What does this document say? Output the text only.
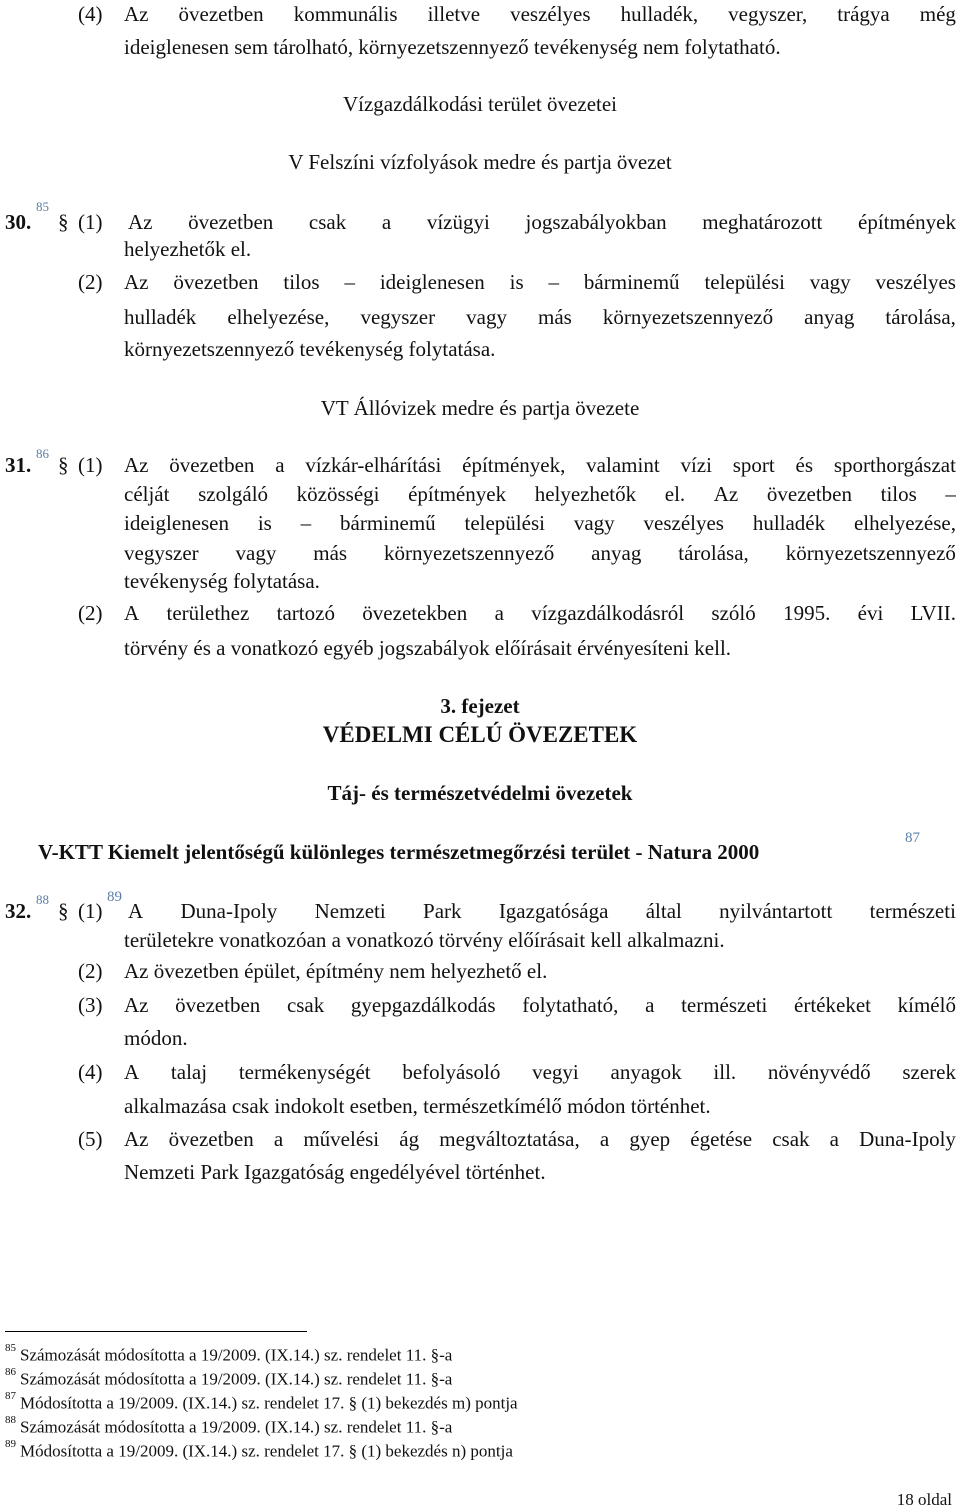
(4) Az övezetben kommunális illetve veszélyes hulladék, vegyszer, trágya még
ideiglenesen sem tárolható, környezetszennyező tevékenység nem folytatható.
Vízgazdálkodási terület övezetei
V Felszíni vízfolyások medre és partja övezet
30.
85
§ (1) Az övezetben csak a vízügyi jogszabályokban meghatározott építmények
helyezhetők el.
(2) Az övezetben tilos – ideiglenesen is – bárminemű települési vagy veszélyes
hulladék elhelyezése, vegyszer vagy más környezetszennyező anyag tárolása,
környezetszennyező tevékenység folytatása.
VT Állóvizek medre és partja övezete
31. 86 § (1) Az övezetben a vízkár-elhárítási építmények, valamint vízi sport és sporthorgászat
célját szolgáló közösségi építmények helyezhetők el. Az övezetben tilos –
ideiglenesen is – bárminemű települési vagy veszélyes hulladék elhelyezése,
vegyszer vagy más környezetszennyező anyag tárolása, környezetszennyező
tevékenység folytatása.
(2) A területhez tartozó övezetekben a vízgazdálkodásról szóló 1995. évi LVII.
törvény és a vonatkozó egyéb jogszabályok előírásait érvényesíteni kell.
3. fejezet
VÉDELMI CÉLÚ ÖVEZETEK
Táj- és természetvédelmi övezetek
V-KTT Kiemelt jelentőségű különleges természetmegőrzési terület - Natura 2000
87
32. 88 § (1)
89
A Duna-Ipoly Nemzeti Park Igazgatósága által nyilvántartott természeti
területekre vonatkozóan a vonatkozó törvény előírásait kell alkalmazni.
(2) Az övezetben épület, építmény nem helyezhető el.
(3) Az övezetben csak gyepgazdálkodás folytatható, a természeti értékeket kímélő
módon.
(4) A talaj termékenységét befolyásoló vegyi anyagok ill. növényvédő szerek
alkalmazása csak indokolt esetben, természetkímélő módon történhet.
(5) Az övezetben a művelési ág megváltoztatása, a gyep égetése csak a Duna-Ipoly
Nemzeti Park Igazgatóság engedélyével történhet.
$^{85}$ Számozását módosította a 19/2009. (IX.14.) sz. rendelet 11. §-a
$^{86}$ Számozását módosította a 19/2009. (IX.14.) sz. rendelet 11. §-a
$^{87}$ Módosította a 19/2009. (IX.14.) sz. rendelet 17. § (1) bekezdés m) pontja
$^{88}$ Számozását módosította a 19/2009. (IX.14.) sz. rendelet 11. §-a
$^{89}$ Módosította a 19/2009. (IX.14.) sz. rendelet 17. § (1) bekezdés n) pontja
18 oldal
